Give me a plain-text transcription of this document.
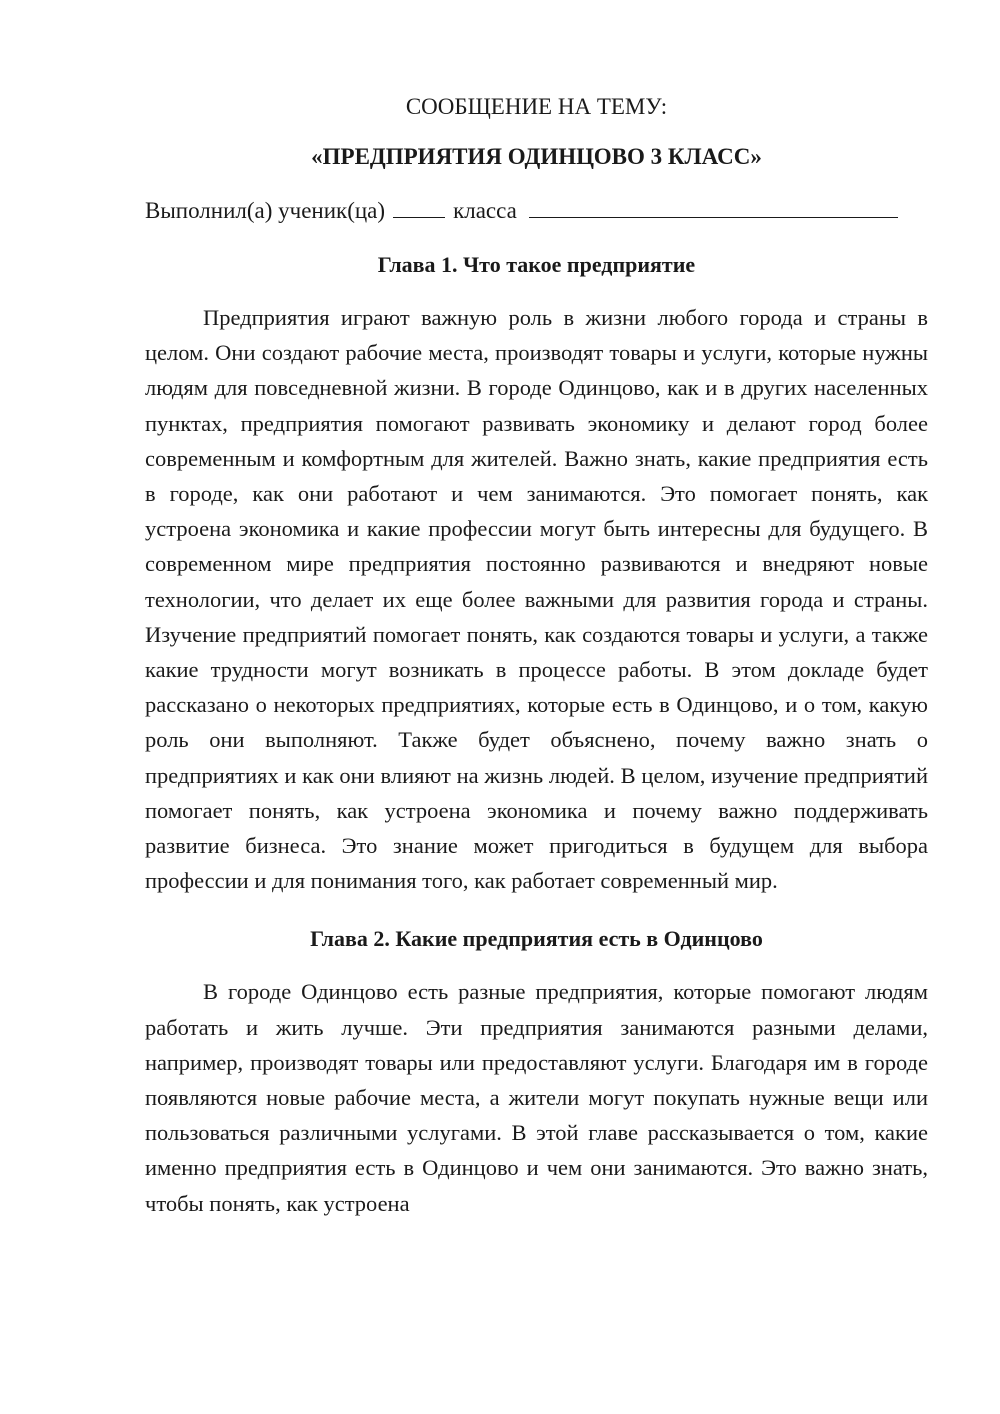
СООБЩЕНИЕ НА ТЕМУ:

«ПРЕДПРИЯТИЯ ОДИНЦОВО 3 КЛАСС»

Выполнил(а) ученик(ца)	класса
Глава 1. Что такое предприятие

Предприятия играют важную роль в жизни любого города и страны в целом. Они создают рабочие места, производят товары и услуги, которые нужны людям для повседневной жизни. В городе Одинцово, как и в других населенных пунктах, предприятия помогают развивать экономику и делают город более современным и комфортным для жителей. Важно знать, какие предприятия есть в городе, как они работают и чем занимаются. Это помогает понять, как устроена экономика и какие профессии могут быть интересны для будущего. В современном мире предприятия постоянно развиваются и внедряют новые технологии, что делает их еще более важными для развития города и страны. Изучение предприятий помогает понять, как создаются товары и услуги, а также какие трудности могут возникать в процессе работы. В этом докладе будет рассказано о некоторых предприятиях, которые есть в Одинцово, и о том, какую роль они выполняют. Также будет объяснено, почему важно знать о предприятиях и как они влияют на жизнь людей. В целом, изучение предприятий помогает понять, как устроена экономика и почему важно поддерживать развитие бизнеса. Это знание может пригодиться в будущем для выбора профессии и для понимания того, как работает современный мир.

Глава 2. Какие предприятия есть в Одинцово

В городе Одинцово есть разные предприятия, которые помогают людям работать и жить лучше. Эти предприятия занимаются разными делами, например, производят товары или предоставляют услуги. Благодаря им в городе появляются новые рабочие места, а жители могут покупать нужные вещи или пользоваться различными услугами. В этой главе рассказывается о том, какие именно предприятия есть в Одинцово и чем они занимаются. Это важно знать, чтобы понять, как устроена
